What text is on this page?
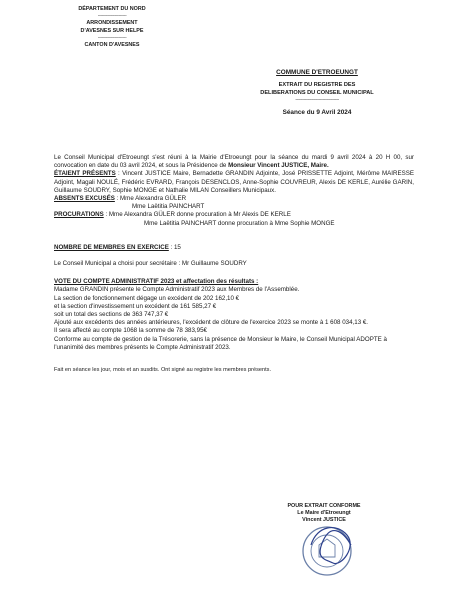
DÉPARTEMENT DU NORD
----------------------
ARRONDISSEMENT
D'AVESNES SUR HELPE
----------------------
CANTON D'AVESNES
COMMUNE D'ETROEUNGT
EXTRAIT DU REGISTRE DES
DELIBERATIONS DU CONSEIL MUNICIPAL
--------------------------------
Séance du 9 Avril 2024

Le Conseil Municipal d'Etroeungt s'est réuni à la Mairie d'Etroeungt pour la séance du mardi 9 avril 2024 à 20 H 00, sur convocation en date du 03 avril 2024, et sous la Présidence de Monsieur Vincent JUSTICE, Maire.

ÉTAIENT PRÉSENTS : Vincent JUSTICE Maire, Bernadette GRANDIN Adjointe, José PRISSETTE Adjoint, Mérôme MAIRESSE Adjoint, Magali NOULÉ, Frédéric EVRARD, François DESENCLOS, Anne-Sophie COUVREUR, Alexis DE KERLE, Aurélie GARIN, Guillaume SOUDRY, Sophie MONGE et Nathalie MILAN Conseillers Municipaux.

ABSENTS EXCUSÉS : Mme Alexandra GÜLER

Mme Laëtitia PAINCHART

PROCURATIONS : Mme Alexandra GÜLER donne procuration à Mr Alexis DE KERLE

Mme Laëtitia PAINCHART donne procuration à Mme Sophie MONGE

NOMBRE DE MEMBRES EN EXERCICE : 15

Le Conseil Municipal a choisi pour secrétaire : Mr Guillaume SOUDRY

VOTE DU COMPTE ADMINISTRATIF 2023 et affectation des résultats :

Madame GRANDIN présente le Compte Administratif 2023 aux Membres de l'Assemblée.

La section de fonctionnement dégage un excédent de 202 162,10 €

et la section d'investissement un excédent de 161 585,27 €

soit un total des sections de 363 747,37 €

Ajouté aux excédents des années antérieures, l'excédent de clôture de l'exercice 2023 se monte à 1 608 034,13 €.

Il sera affecté au compte 1068 la somme de 78 383,95€

Conforme au compte de gestion de la Trésorerie, sans la présence de Monsieur le Maire, le Conseil Municipal ADOPTE à l'unanimité des membres présents le Compte Administratif 2023.

Fait en séance les jour, mois et an susdits. Ont signé au registre les membres présents.

POUR EXTRAIT CONFORME
Le Maire d'Etroeungt
Vincent JUSTICE
